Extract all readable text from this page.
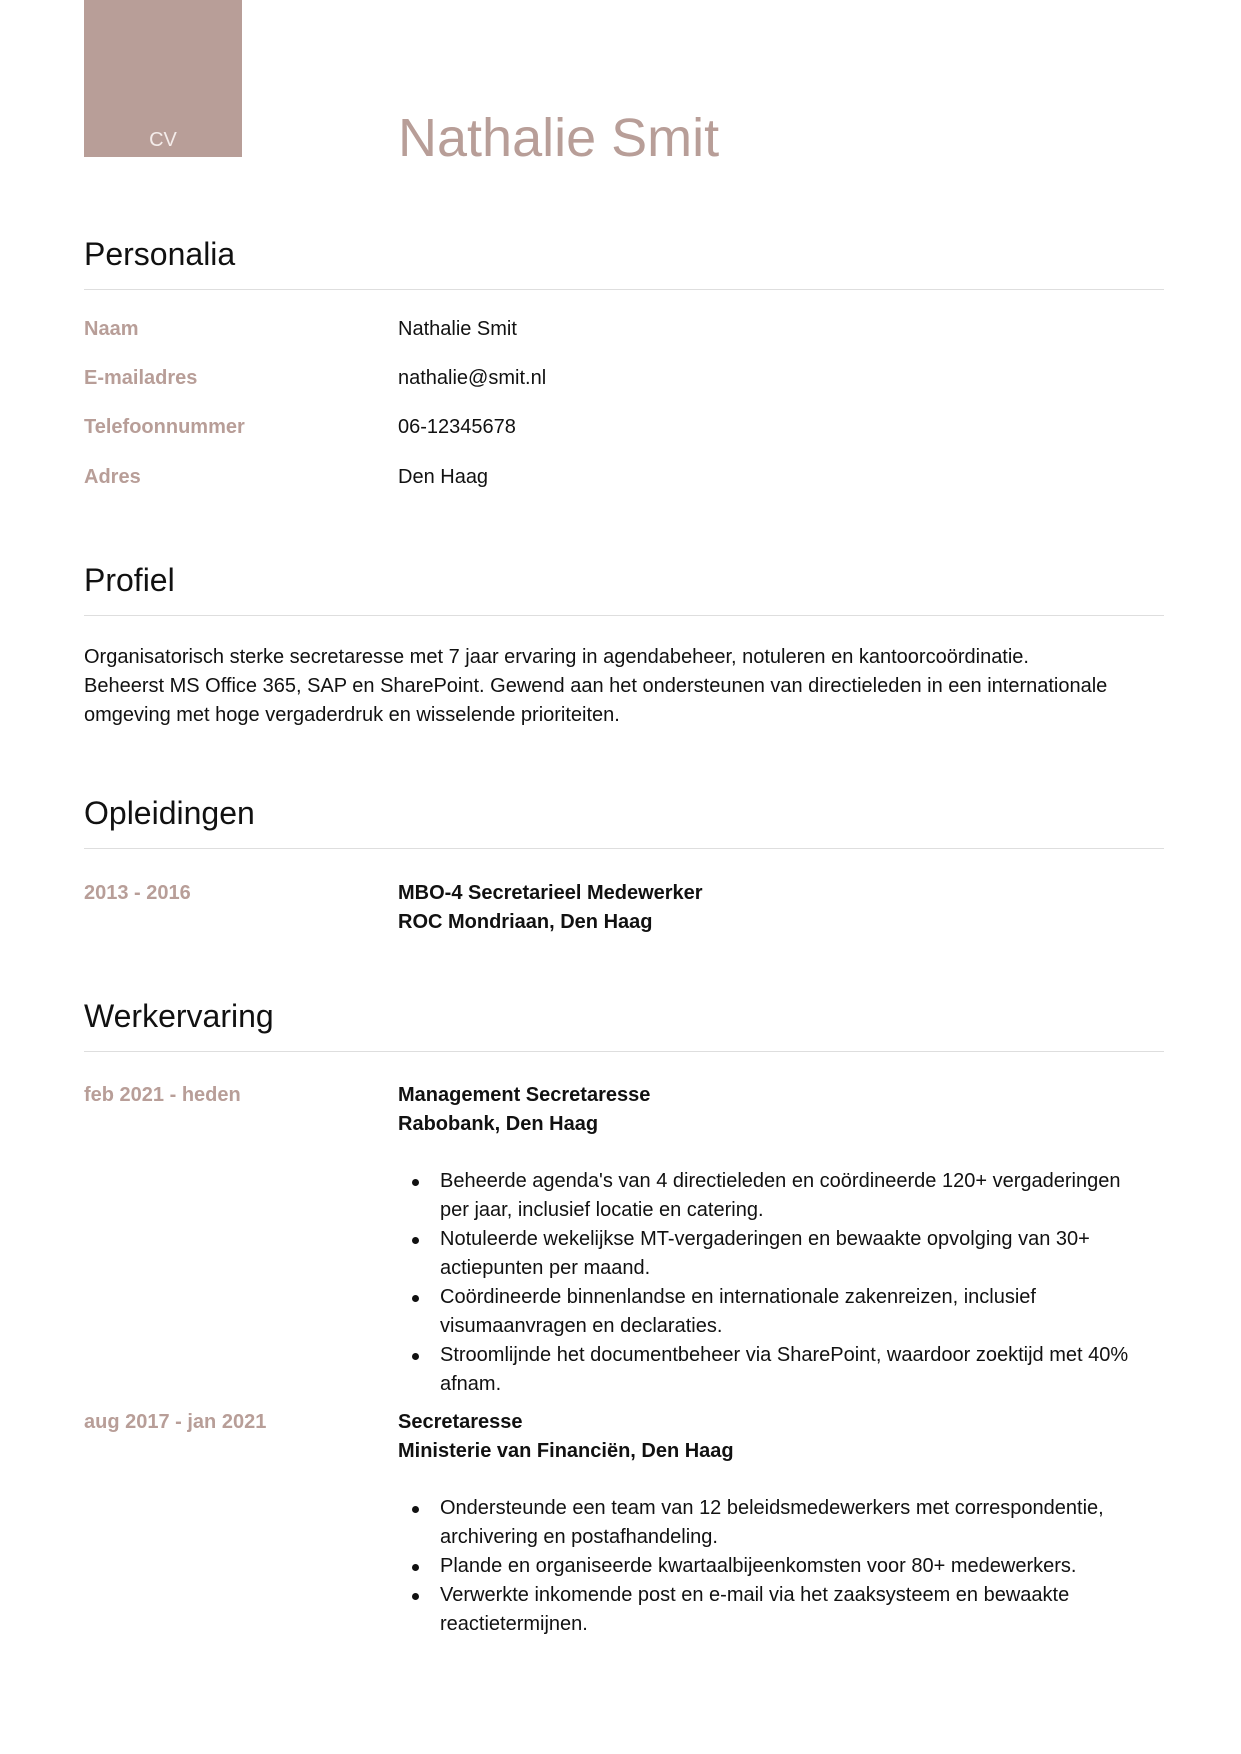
CV	Nathalie Smit
Personalia
Naam	Nathalie Smit
E-mailadres	nathalie@smit.nl
Telefoonnummer	06-12345678
Adres	Den Haag
Profiel
Organisatorisch sterke secretaresse met 7 jaar ervaring in agendabeheer, notuleren en kantoorcoördinatie.
Beheerst MS Office 365, SAP en SharePoint. Gewend aan het ondersteunen van directieleden in een internationale
omgeving met hoge vergaderdruk en wisselende prioriteiten.
Opleidingen
2013 - 2016	MBO-4 Secretarieel Medewerker
ROC Mondriaan, Den Haag
Werkervaring
feb 2021 - heden	Management Secretaresse
Rabobank, Den Haag
Beheerde agenda's van 4 directieleden en coördineerde 120+ vergaderingen
per jaar, inclusief locatie en catering.
Notuleerde wekelijkse MT-vergaderingen en bewaakte opvolging van 30+
actiepunten per maand.
Coördineerde binnenlandse en internationale zakenreizen, inclusief
visumaanvragen en declaraties.
Stroomlijnde het documentbeheer via SharePoint, waardoor zoektijd met 40%
afnam.
aug 2017 - jan 2021	Secretaresse
Ministerie van Financiën, Den Haag
Ondersteunde een team van 12 beleidsmedewerkers met correspondentie,
archivering en postafhandeling.
Plande en organiseerde kwartaalbijeenkomsten voor 80+ medewerkers.
Verwerkte inkomende post en e-mail via het zaaksysteem en bewaakte
reactietermijnen.
